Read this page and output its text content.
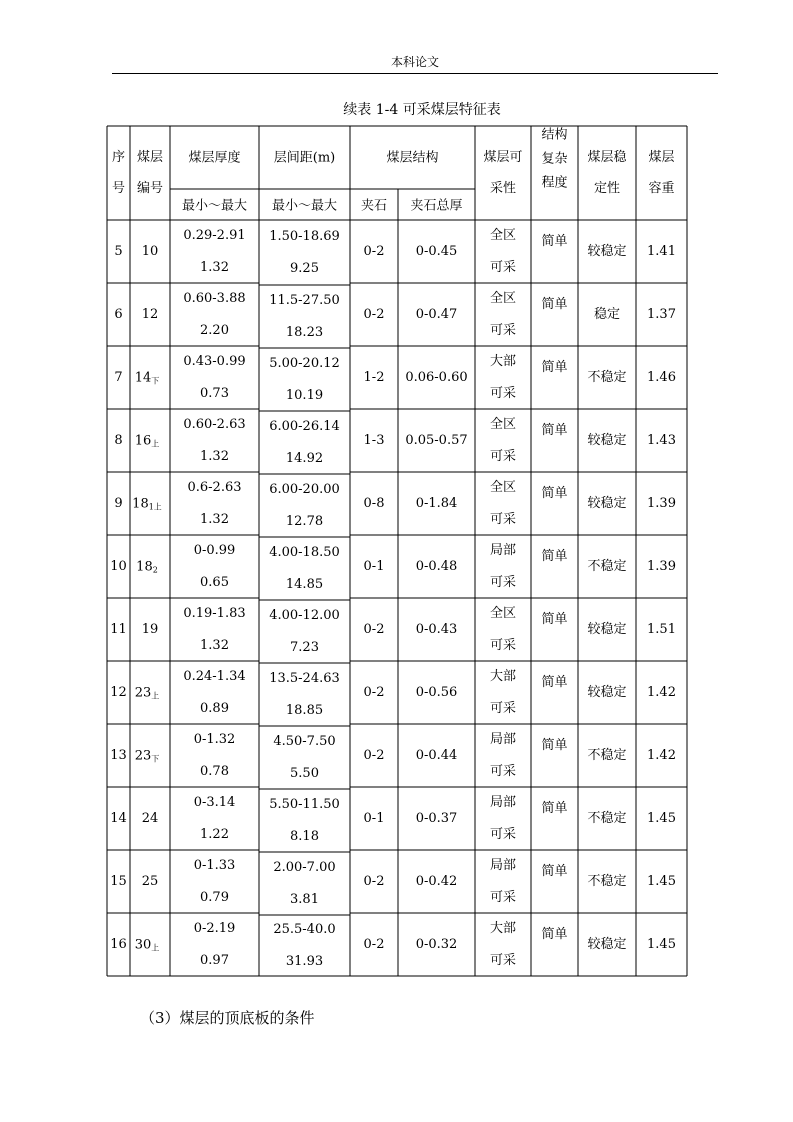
本科论文
续表 1-4 可采煤层特征表
序
号
煤层
编号
煤层厚度
最小～最大
层间距(m)
最小～最大
煤层结构
夹石 夹石总厚
煤层可
采性
结构
复杂
程度
煤层稳
定性
煤层
容重
5 10
0.29-2.91
1.32
0-2 0-0.45
全区
可采
简单
较稳定 1.41
6 12
0.60-3.88
2.20
0-2 0-0.47
全区
可采
简单
稳定 1.37
7 $14_下$
0.43-0.99
0.73
1-2 0.06-0.60
大部
可采
简单
不稳定 1.46
8 $16_上$
0.60-2.63
1.32
1-3 0.05-0.57
全区
可采
简单
较稳定 1.43
9 $18_{1上}$
0.6-2.63
1.32
0-8 0-1.84
全区
可采
简单
较稳定 1.39
10 $18_2$
0-0.99
0.65
0-1 0-0.48
局部
可采
简单
不稳定 1.39
11 19
0.19-1.83
1.32
0-2 0-0.43
全区
可采
简单
较稳定 1.51
12 $23_上$
0.24-1.34
0.89
0-2 0-0.56
大部
可采
简单
较稳定 1.42
13 $23_下$
0-1.32
0.78
0-2 0-0.44
局部
可采
简单
不稳定 1.42
14 24
0-3.14
1.22
0-1 0-0.37
局部
可采
简单
不稳定 1.45
15 25
0-1.33
0.79
0-2 0-0.42
局部
可采
简单
不稳定 1.45
16 $30_上$
0-2.19
0.97
0-2 0-0.32
大部
可采
简单
较稳定 1.45
1.50-18.69
9.25
11.5-27.50
18.23
5.00-20.12
10.19
6.00-26.14
14.92
6.00-20.00
12.78
4.00-18.50
14.85
4.00-12.00
7.23
13.5-24.63
18.85
4.50-7.50
5.50
5.50-11.50
8.18
2.00-7.00
3.81
25.5-40.0
31.93
（3）煤层的顶底板的条件
